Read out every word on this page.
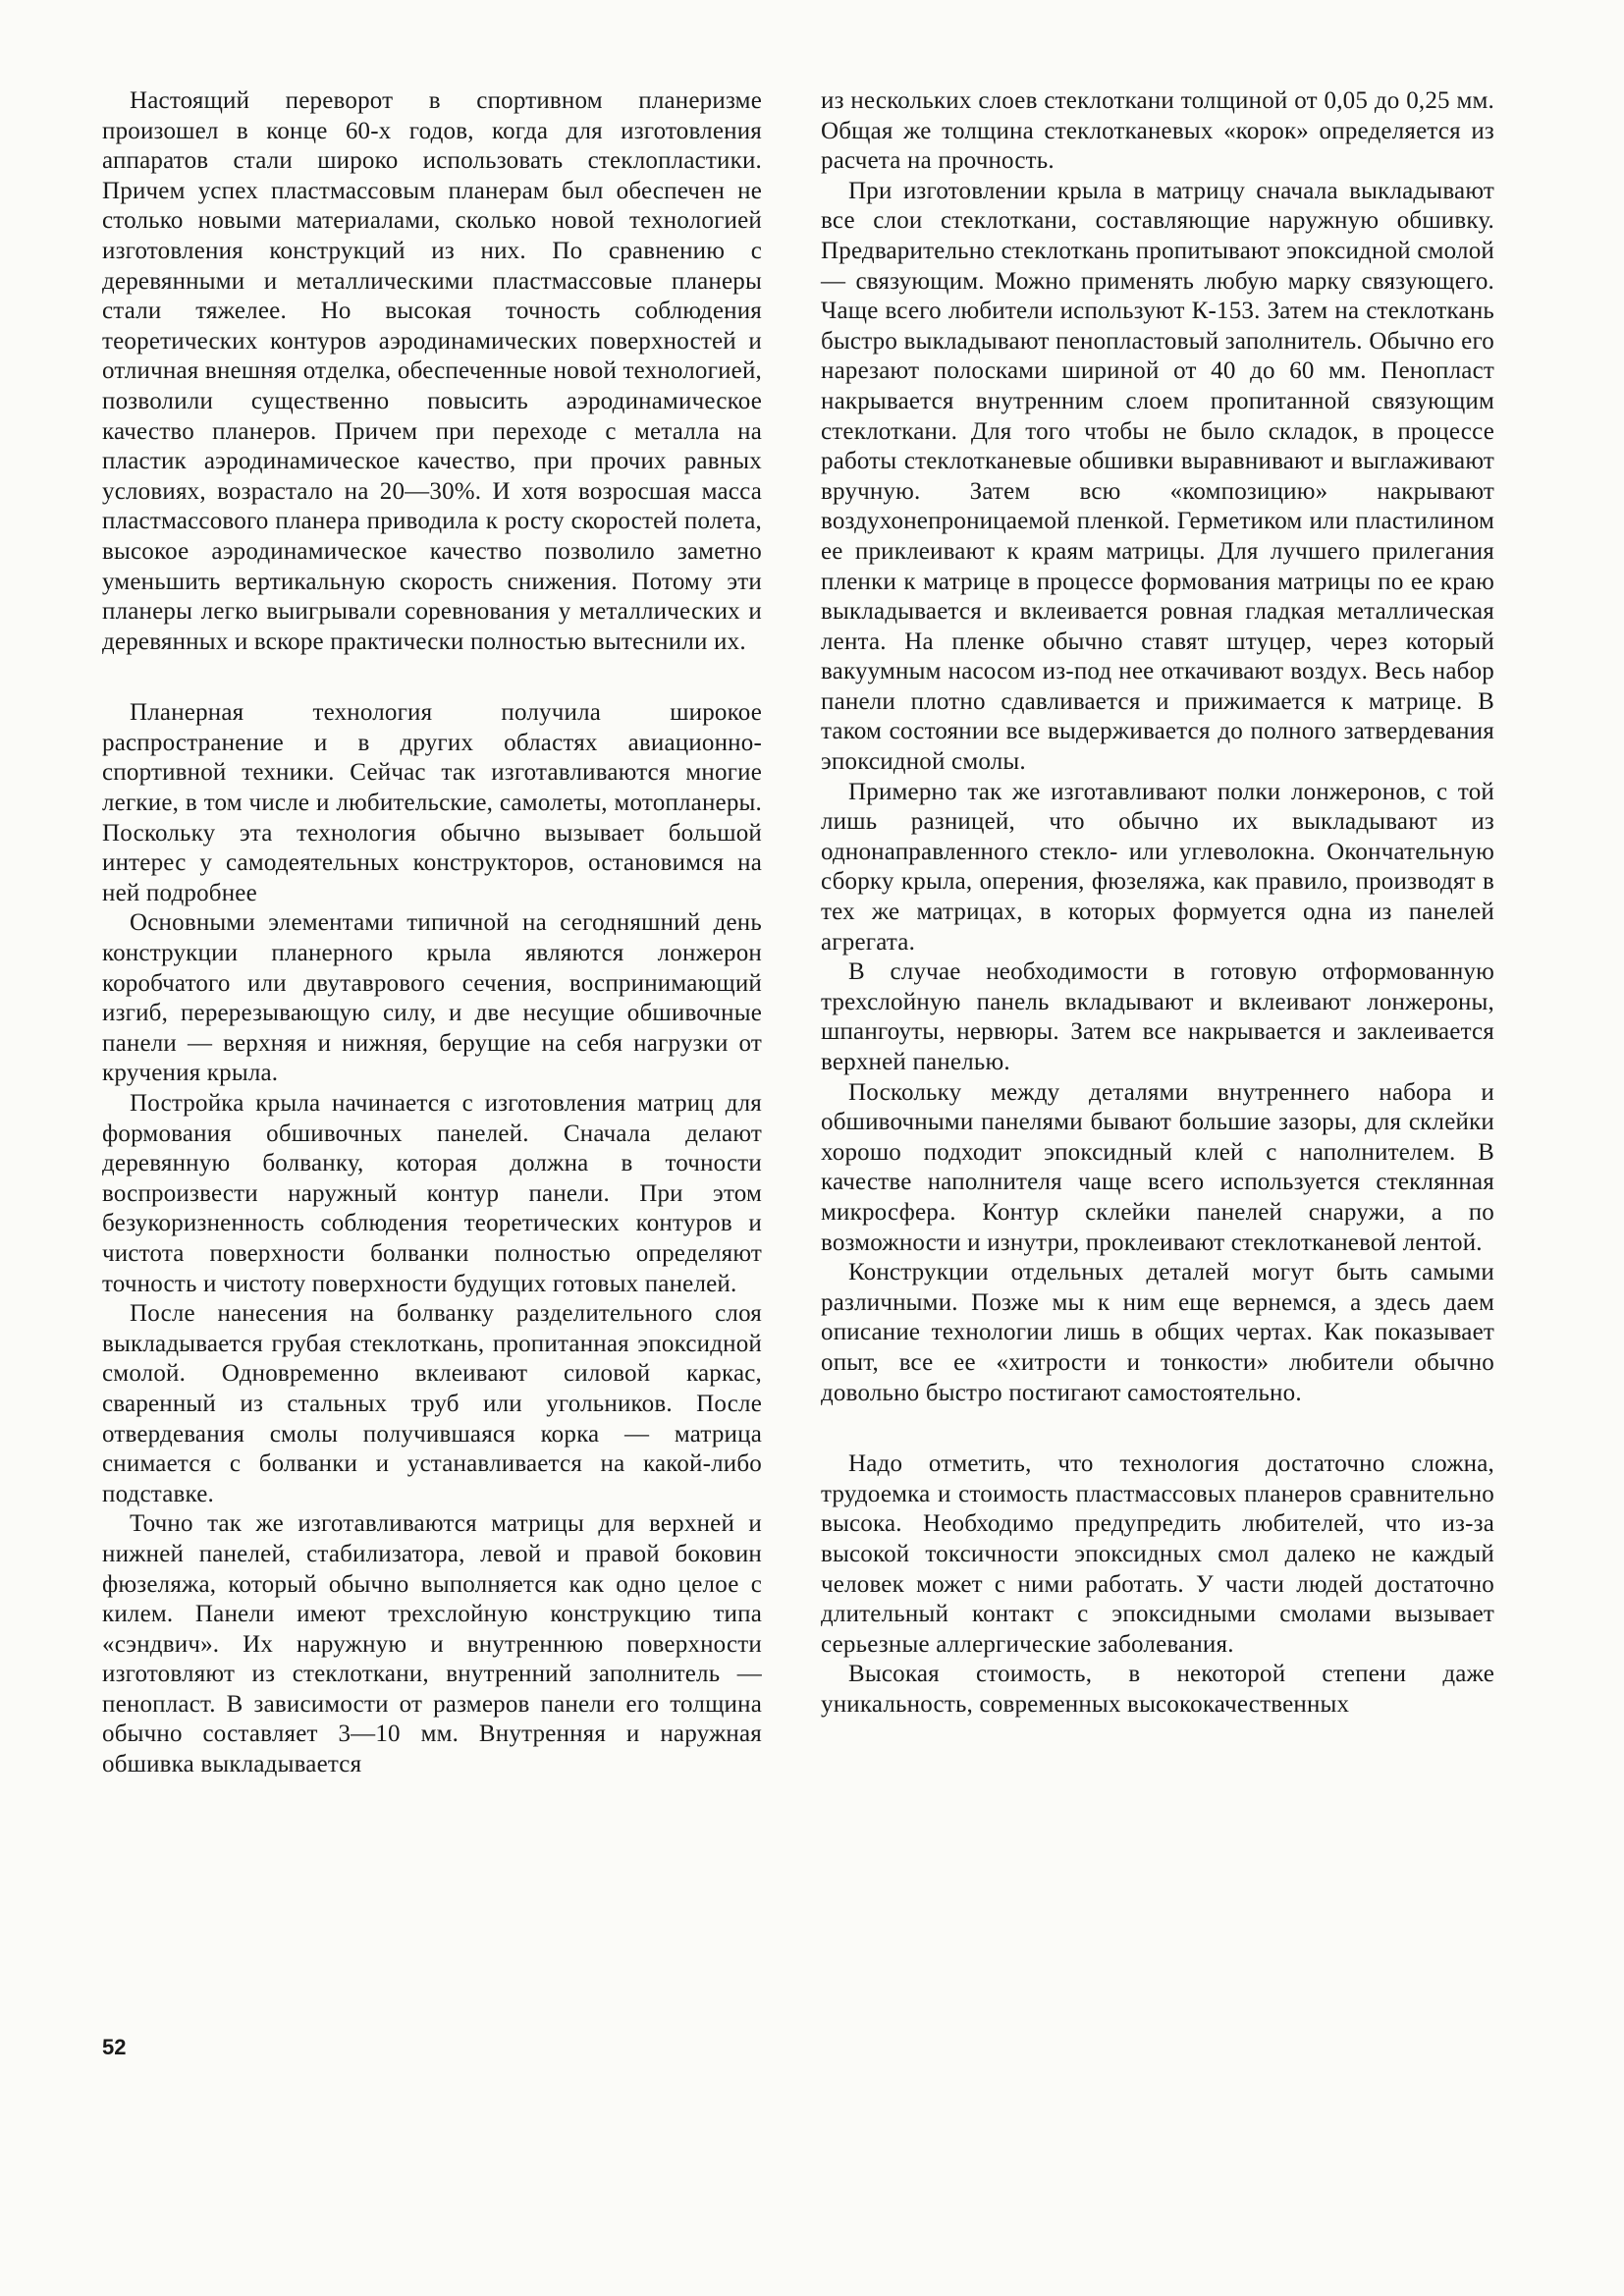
Настоящий переворот в спортивном планеризме произошел в конце 60-х годов, когда для изготовления аппаратов стали широко использовать стеклопластики. Причем успех пластмассовым планерам был обеспечен не столько новыми материалами, сколько новой технологией изготовления конструкций из них. По сравнению с деревянными и металлическими пластмассовые планеры стали тяжелее. Но высокая точность соблюдения теоретических контуров аэродинамических поверхностей и отличная внешняя отделка, обеспеченные новой технологией, позволили существенно повысить аэродинамическое качество планеров. Причем при переходе с металла на пластик аэродинамическое качество, при прочих равных условиях, возрастало на 20—30%. И хотя возросшая масса пластмассового планера приводила к росту скоростей полета, высокое аэродинамическое качество позволило заметно уменьшить вертикальную скорость снижения. Потому эти планеры легко выигрывали соревнования у металлических и деревянных и вскоре практически полностью вытеснили их.

Планерная технология получила широкое распространение и в других областях авиационно-спортивной техники. Сейчас так изготавливаются многие легкие, в том числе и любительские, самолеты, мотопланеры. Поскольку эта технология обычно вызывает большой интерес у самодеятельных конструкторов, остановимся на ней подробнее

Основными элементами типичной на сегодняшний день конструкции планерного крыла являются лонжерон коробчатого или двутаврового сечения, воспринимающий изгиб, перерезывающую силу, и две несущие обшивочные панели — верхняя и нижняя, берущие на себя нагрузки от кручения крыла.

Постройка крыла начинается с изготовления матриц для формования обшивочных панелей. Сначала делают деревянную болванку, которая должна в точности воспроизвести наружный контур панели. При этом безукоризненность соблюдения теоретических контуров и чистота поверхности болванки полностью определяют точность и чистоту поверхности будущих готовых панелей.

После нанесения на болванку разделительного слоя выкладывается грубая стеклоткань, пропитанная эпоксидной смолой. Одновременно вклеивают силовой каркас, сваренный из стальных труб или угольников. После отвердевания смолы получившаяся корка — матрица снимается с болванки и устанавливается на какой-либо подставке.

Точно так же изготавливаются матрицы для верхней и нижней панелей, стабилизатора, левой и правой боковин фюзеляжа, который обычно выполняется как одно целое с килем. Панели имеют трехслойную конструкцию типа «сэндвич». Их наружную и внутреннюю поверхности изготовляют из стеклоткани, внутренний заполнитель — пенопласт. В зависимости от размеров панели его толщина обычно составляет 3—10 мм. Внутренняя и наружная обшивка выкладывается

из нескольких слоев стеклоткани толщиной от 0,05 до 0,25 мм. Общая же толщина стеклотканевых «корок» определяется из расчета на прочность.

При изготовлении крыла в матрицу сначала выкладывают все слои стеклоткани, составляющие наружную обшивку. Предварительно стеклоткань пропитывают эпоксидной смолой — связующим. Можно применять любую марку связующего. Чаще всего любители используют К-153. Затем на стеклоткань быстро выкладывают пенопластовый заполнитель. Обычно его нарезают полосками шириной от 40 до 60 мм. Пенопласт накрывается внутренним слоем пропитанной связующим стеклоткани. Для того чтобы не было складок, в процессе работы стеклотканевые обшивки выравнивают и выглаживают вручную. Затем всю «композицию» накрывают воздухонепроницаемой пленкой. Герметиком или пластилином ее приклеивают к краям матрицы. Для лучшего прилегания пленки к матрице в процессе формования матрицы по ее краю выкладывается и вклеивается ровная гладкая металлическая лента. На пленке обычно ставят штуцер, через который вакуумным насосом из-под нее откачивают воздух. Весь набор панели плотно сдавливается и прижимается к матрице. В таком состоянии все выдерживается до полного затвердевания эпоксидной смолы.

Примерно так же изготавливают полки лонжеронов, с той лишь разницей, что обычно их выкладывают из однонаправленного стекло- или углеволокна. Окончательную сборку крыла, оперения, фюзеляжа, как правило, производят в тех же матрицах, в которых формуется одна из панелей агрегата.

В случае необходимости в готовую отформованную трехслойную панель вкладывают и вклеивают лонжероны, шпангоуты, нервюры. Затем все накрывается и заклеивается верхней панелью.

Поскольку между деталями внутреннего набора и обшивочными панелями бывают большие зазоры, для склейки хорошо подходит эпоксидный клей с наполнителем. В качестве наполнителя чаще всего используется стеклянная микросфера. Контур склейки панелей снаружи, а по возможности и изнутри, проклеивают стеклотканевой лентой.

Конструкции отдельных деталей могут быть самыми различными. Позже мы к ним еще вернемся, а здесь даем описание технологии лишь в общих чертах. Как показывает опыт, все ее «хитрости и тонкости» любители обычно довольно быстро постигают самостоятельно.

Надо отметить, что технология достаточно сложна, трудоемка и стоимость пластмассовых планеров сравнительно высока. Необходимо предупредить любителей, что из-за высокой токсичности эпоксидных смол далеко не каждый человек может с ними работать. У части людей достаточно длительный контакт с эпоксидными смолами вызывает серьезные аллергические заболевания.

Высокая стоимость, в некоторой степени даже уникальность, современных высококачественных

52
